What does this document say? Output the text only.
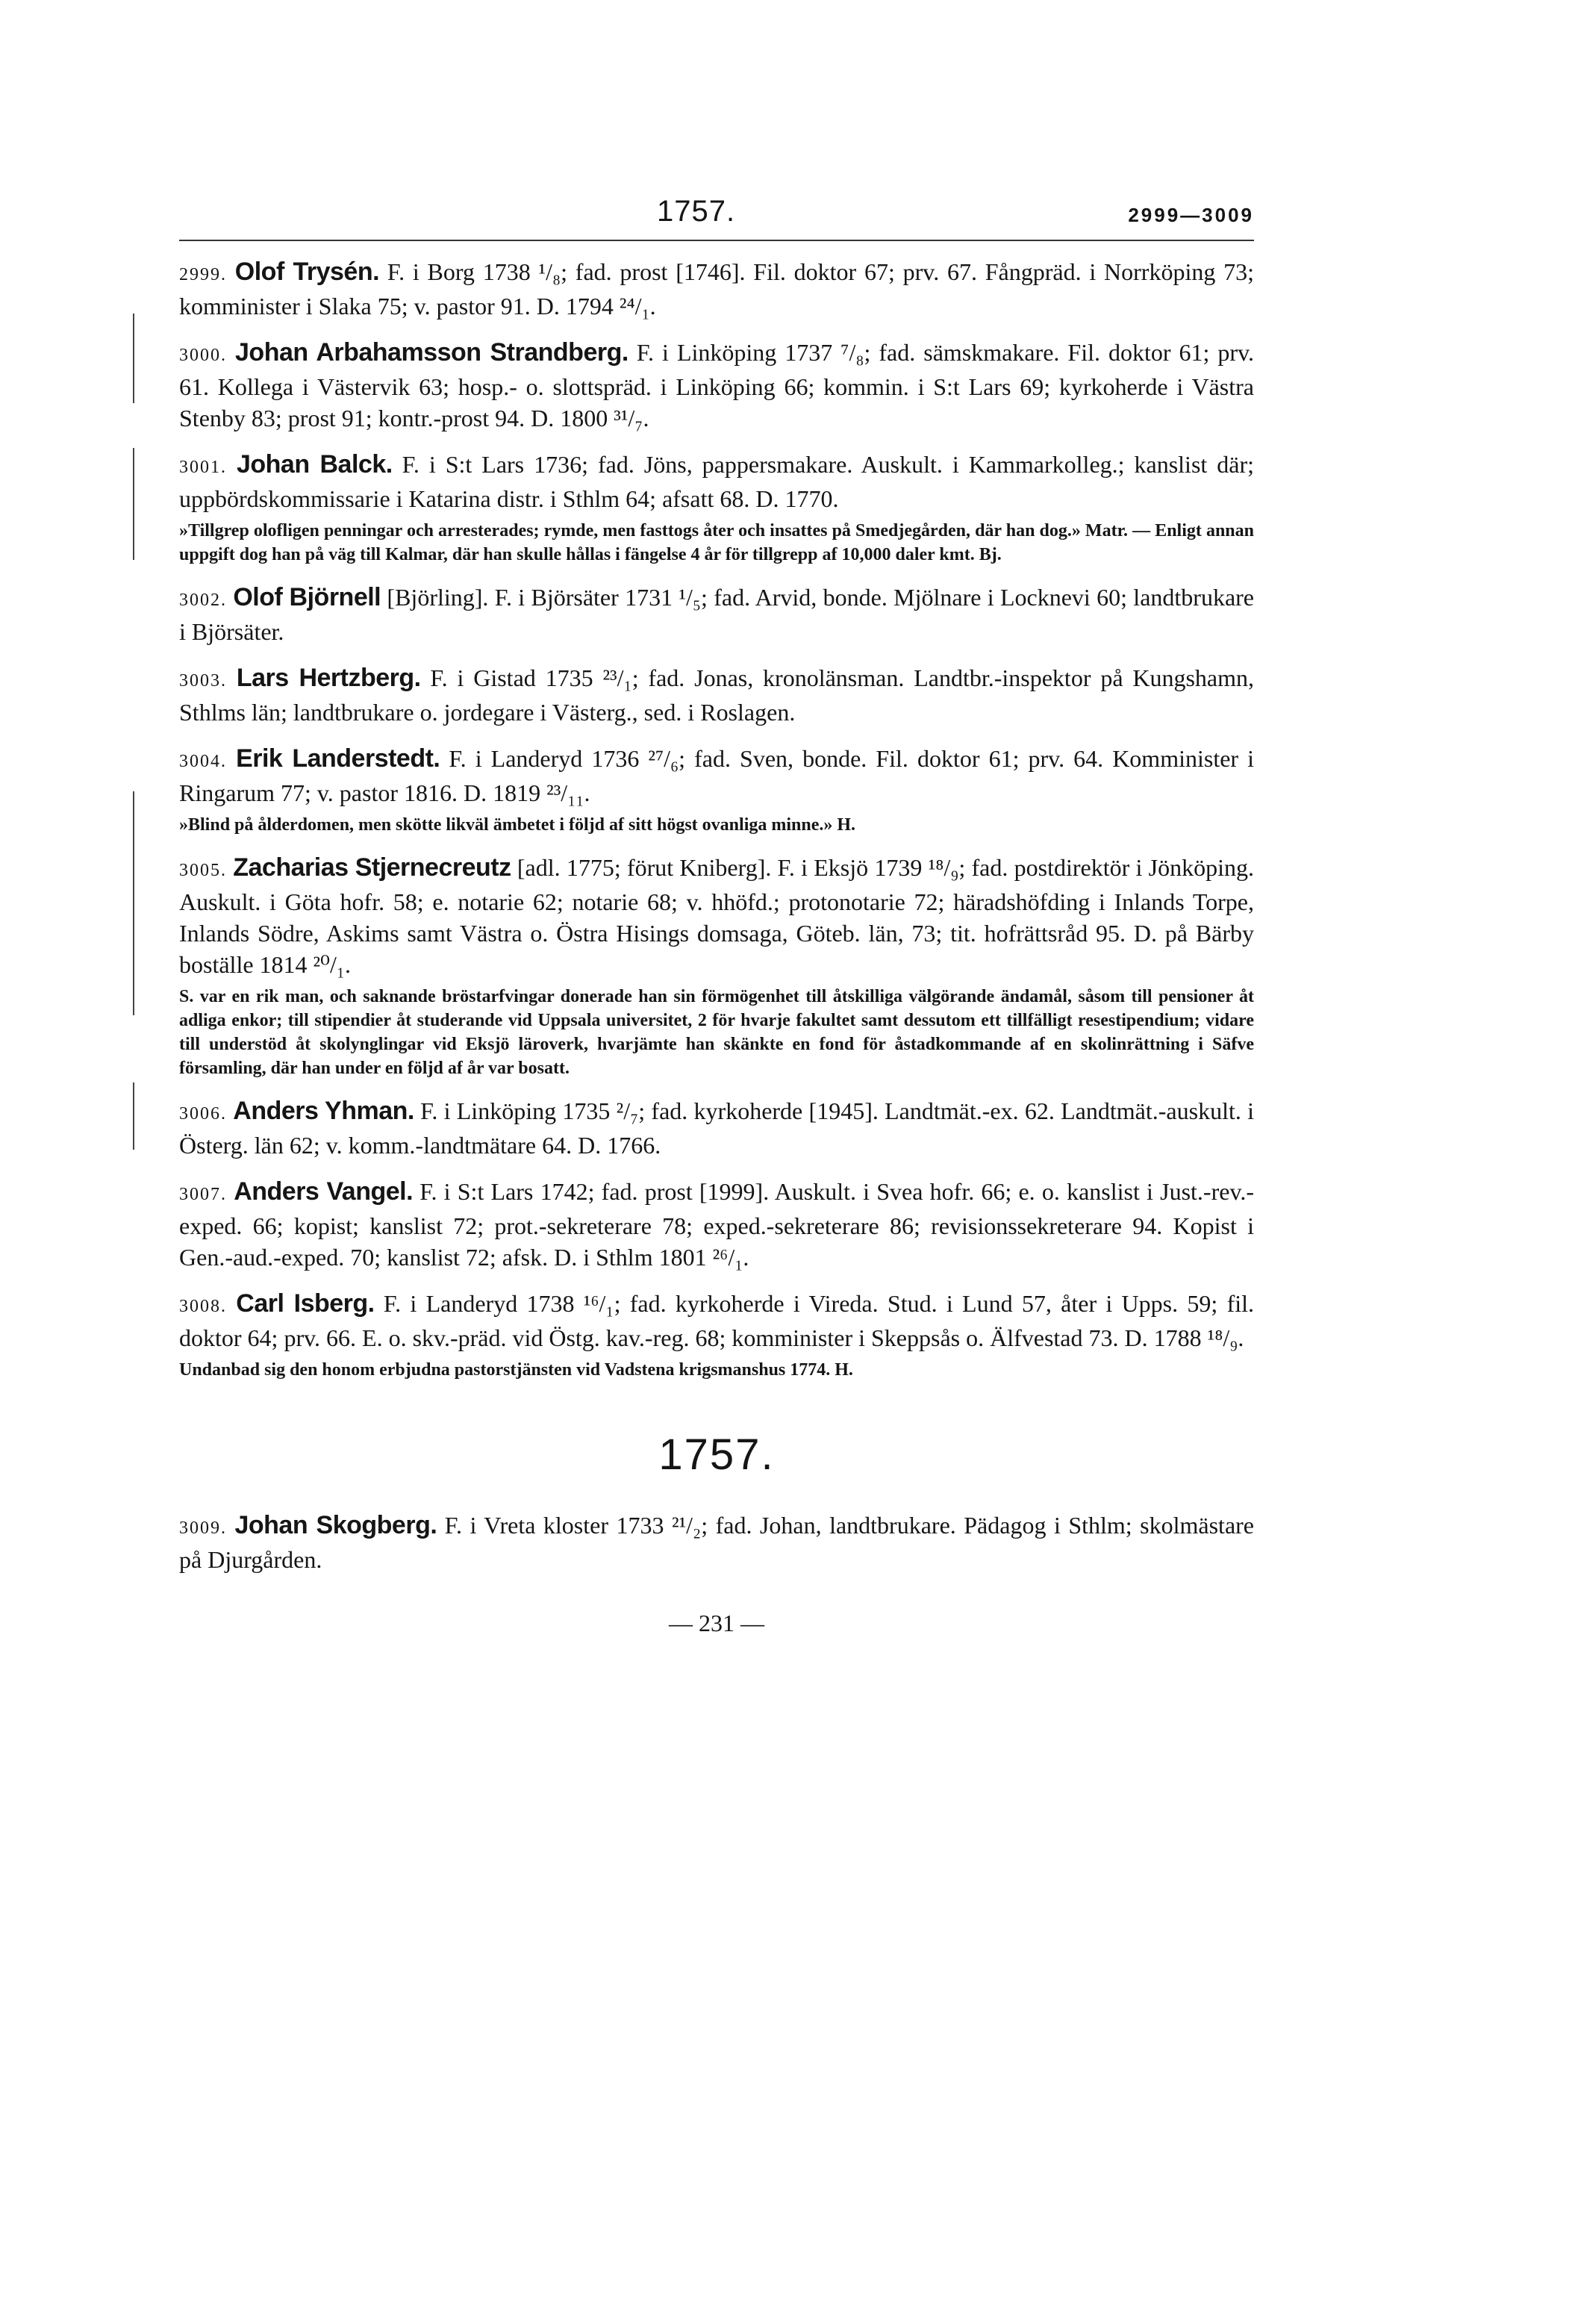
1757.	2999—3009

2999. Olof Trysén. F. i Borg 1738 ¹/₈; fad. prost [1746]. Fil. doktor 67; prv. 67. Fångpräd. i Norrköping 73; komminister i Slaka 75; v. pastor 91. D. 1794 ²⁴/₁.

3000. Johan Arbahamsson Strandberg. F. i Linköping 1737 ⁷/₈; fad. sämskmakare. Fil. doktor 61; prv. 61. Kollega i Västervik 63; hosp.- o. slottspräd. i Linköping 66; kommin. i S:t Lars 69; kyrkoherde i Västra Stenby 83; prost 91; kontr.-prost 94. D. 1800 ³¹/₇.

3001. Johan Balck. F. i S:t Lars 1736; fad. Jöns, pappersmakare. Auskult. i Kammarkolleg.; kanslist där; uppbördskommissarie i Katarina distr. i Sthlm 64; afsatt 68. D. 1770.

»Tillgrep olofligen penningar och arresterades; rymde, men fasttogs åter och insattes på Smedjegården, där han dog.» Matr. — Enligt annan uppgift dog han på väg till Kalmar, där han skulle hållas i fängelse 4 år för tillgrepp af 10,000 daler kmt. Bj.

3002. Olof Björnell [Björling]. F. i Björsäter 1731 ¹/₅; fad. Arvid, bonde. Mjölnare i Locknevi 60; landtbrukare i Björsäter.

3003. Lars Hertzberg. F. i Gistad 1735 ²³/₁; fad. Jonas, kronolänsman. Landtbr.-inspektor på Kungshamn, Sthlms län; landtbrukare o. jordegare i Västerg., sed. i Roslagen.

3004. Erik Landerstedt. F. i Landeryd 1736 ²⁷/₆; fad. Sven, bonde. Fil. doktor 61; prv. 64. Komminister i Ringarum 77; v. pastor 1816. D. 1819 ²³/₁₁.

»Blind på ålderdomen, men skötte likväl ämbetet i följd af sitt högst ovanliga minne.» H.

3005. Zacharias Stjernecreutz [adl. 1775; förut Kniberg]. F. i Eksjö 1739 ¹⁸/₉; fad. postdirektör i Jönköping. Auskult. i Göta hofr. 58; e. notarie 62; notarie 68; v. hhöfd.; protonotarie 72; häradshöfding i Inlands Torpe, Inlands Södre, Askims samt Västra o. Östra Hisings domsaga, Göteb. län, 73; tit. hofrättsråd 95. D. på Bärby boställe 1814 ²⁰/₁.

S. var en rik man, och saknande bröstarfvingar donerade han sin förmögenhet till åtskilliga välgörande ändamål, såsom till pensioner åt adliga enkor; till stipendier åt studerande vid Uppsala universitet, 2 för hvarje fakultet samt dessutom ett tillfälligt resestipendium; vidare till understöd åt skolynglingar vid Eksjö läroverk, hvarjämte han skänkte en fond för åstadkommande af en skolinrättning i Säfve församling, där han under en följd af år var bosatt.

3006. Anders Yhman. F. i Linköping 1735 ²/₇; fad. kyrkoherde [1945]. Landtmät.-ex. 62. Landtmät.-auskult. i Österg. län 62; v. komm.-landtmätare 64. D. 1766.

3007. Anders Vangel. F. i S:t Lars 1742; fad. prost [1999]. Auskult. i Svea hofr. 66; e. o. kanslist i Just.-rev.-exped. 66; kopist; kanslist 72; prot.-sekreterare 78; exped.-sekreterare 86; revisionssekreterare 94. Kopist i Gen.-aud.-exped. 70; kanslist 72; afsk. D. i Sthlm 1801 ²⁶/₁.

3008. Carl Isberg. F. i Landeryd 1738 ¹⁶/₁; fad. kyrkoherde i Vireda. Stud. i Lund 57, åter i Upps. 59; fil. doktor 64; prv. 66. E. o. skv.-präd. vid Östg. kav.-reg. 68; komminister i Skeppsås o. Älfvestad 73. D. 1788 ¹⁸/₉.

Undanbad sig den honom erbjudna pastorstjänsten vid Vadstena krigsmanshus 1774. H.

1757.

3009. Johan Skogberg. F. i Vreta kloster 1733 ²¹/₂; fad. Johan, landtbrukare. Pädagog i Sthlm; skolmästare på Djurgården.

— 231 —
